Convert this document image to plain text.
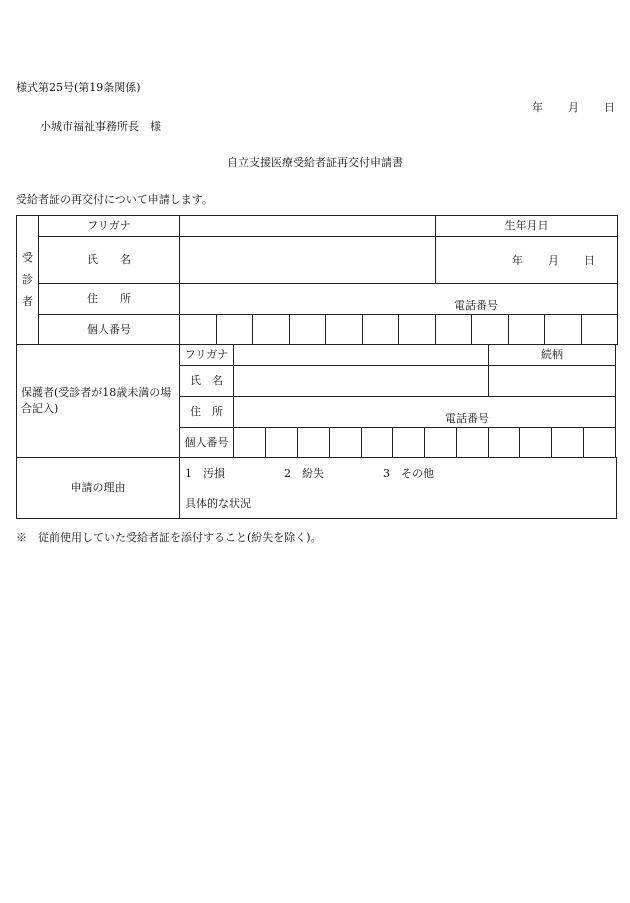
様式第25号(第19条関係)
年 月 日
小城市福祉事務所長　様
自立支援医療受給者証再交付申請書
受給者証の再交付について申請します。
受
診
者	フリガナ								生年月日				
	氏　　名								年 月 日				

	住　　所	電話番号											

	個人番号												
保護者(受診者が18歳未満の場合記入)	フリガナ									続柄			
	氏　名												
	住　所	電話番号											

	個人番号												
申請の理由	
1　汚損	2　紛失	3　その他
具体的な状況
※　従前使用していた受給者証を添付すること(紛失を除く)。
